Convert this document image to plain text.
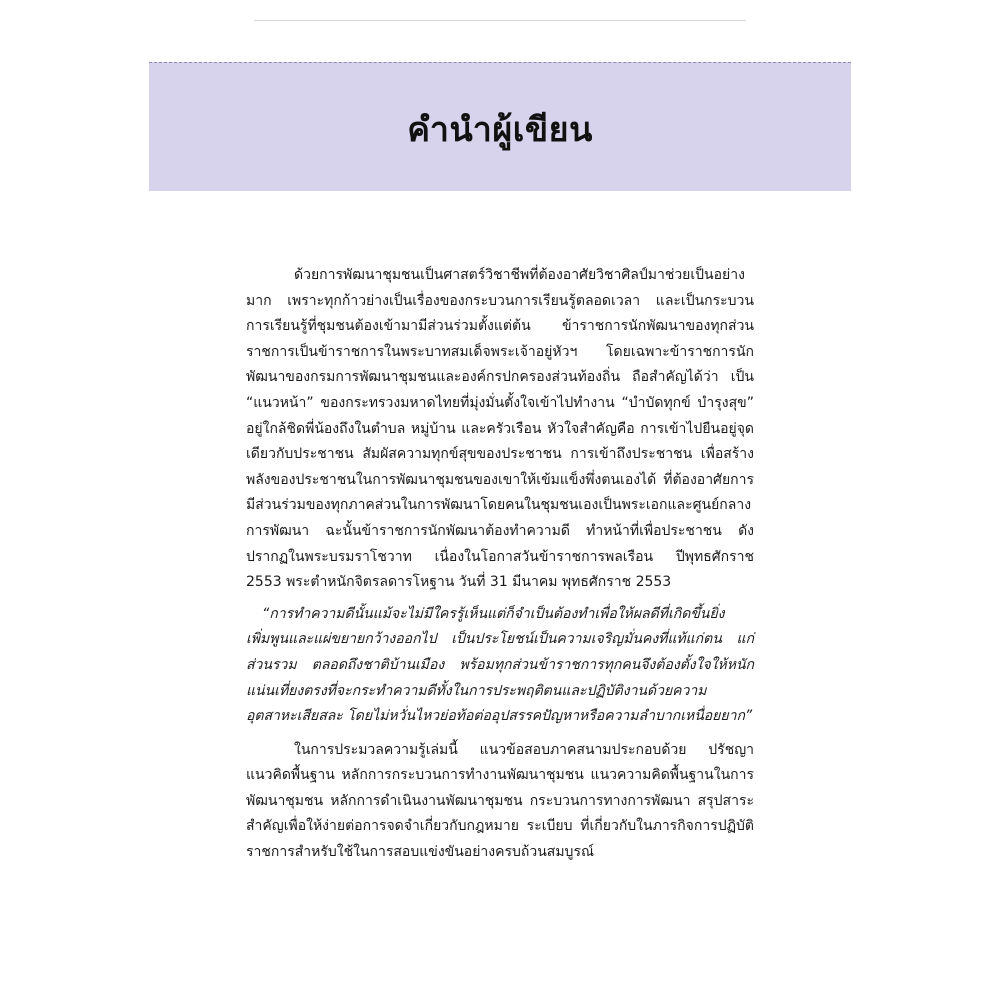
คำนำผู้เขียน

ด้วยการพัฒนาชุมชนเป็นศาสตร์วิชาชีพที่ต้องอาศัยวิชาศิลป์มาช่วยเป็นอย่างมาก เพราะทุกก้าวย่างเป็นเรื่องของกระบวนการเรียนรู้ตลอดเวลา และเป็นกระบวนการเรียนรู้ที่ชุมชนต้องเข้ามามีส่วนร่วมตั้งแต่ต้น ข้าราชการนักพัฒนาของทุกส่วนราชการเป็นข้าราชการในพระบาทสมเด็จพระเจ้าอยู่หัวฯ โดยเฉพาะข้าราชการนักพัฒนาของกรมการพัฒนาชุมชนและองค์กรปกครองส่วนท้องถิ่น ถือสำคัญได้ว่า เป็น “แนวหน้า” ของกระทรวงมหาดไทยที่มุ่งมั่นตั้งใจเข้าไปทำงาน “บำบัดทุกข์ บำรุงสุข” อยู่ใกล้ชิดพี่น้องถึงในตำบล หมู่บ้าน และครัวเรือน หัวใจสำคัญคือ การเข้าไปยืนอยู่จุดเดียวกับประชาชน สัมผัสความทุกข์สุขของประชาชน การเข้าถึงประชาชน เพื่อสร้างพลังของประชาชนในการพัฒนาชุมชนของเขาให้เข้มแข็งพึ่งตนเองได้ ที่ต้องอาศัยการมีส่วนร่วมของทุกภาคส่วนในการพัฒนาโดยคนในชุมชนเองเป็นพระเอกและศูนย์กลางการพัฒนา ฉะนั้นข้าราชการนักพัฒนาต้องทำความดี ทำหน้าที่เพื่อประชาชน ดังปรากฏในพระบรมราโชวาท เนื่องในโอกาสวันข้าราชการพลเรือน ปีพุทธศักราช 2553 พระตำหนักจิตรลดารโหฐาน วันที่ 31 มีนาคม พุทธศักราช 2553

“การทำความดีนั้นแม้จะไม่มีใครรู้เห็นแต่ก็จำเป็นต้องทำเพื่อให้ผลดีที่เกิดขึ้นยิ่งเพิ่มพูนและแผ่ขยายกว้างออกไป เป็นประโยชน์เป็นความเจริญมั่นคงที่แท้แก่ตน แก่ส่วนรวม ตลอดถึงชาติบ้านเมือง พร้อมทุกส่วนข้าราชการทุกคนจึงต้องตั้งใจให้หนักแน่นเที่ยงตรงที่จะกระทำความดีทั้งในการประพฤติตนและปฏิบัติงานด้วยความอุตสาหะเสียสละ โดยไม่หวั่นไหวย่อท้อต่ออุปสรรคปัญหาหรือความลำบากเหนื่อยยาก”

ในการประมวลความรู้เล่มนี้ แนวข้อสอบภาคสนามประกอบด้วย ปรัชญา แนวคิดพื้นฐาน หลักการกระบวนการทำงานพัฒนาชุมชน แนวความคิดพื้นฐานในการพัฒนาชุมชน หลักการดำเนินงานพัฒนาชุมชน กระบวนการทางการพัฒนา สรุปสาระสำคัญเพื่อให้ง่ายต่อการจดจำเกี่ยวกับกฎหมาย ระเบียบ ที่เกี่ยวกับในภารกิจการปฏิบัติราชการสำหรับใช้ในการสอบแข่งขันอย่างครบถ้วนสมบูรณ์
